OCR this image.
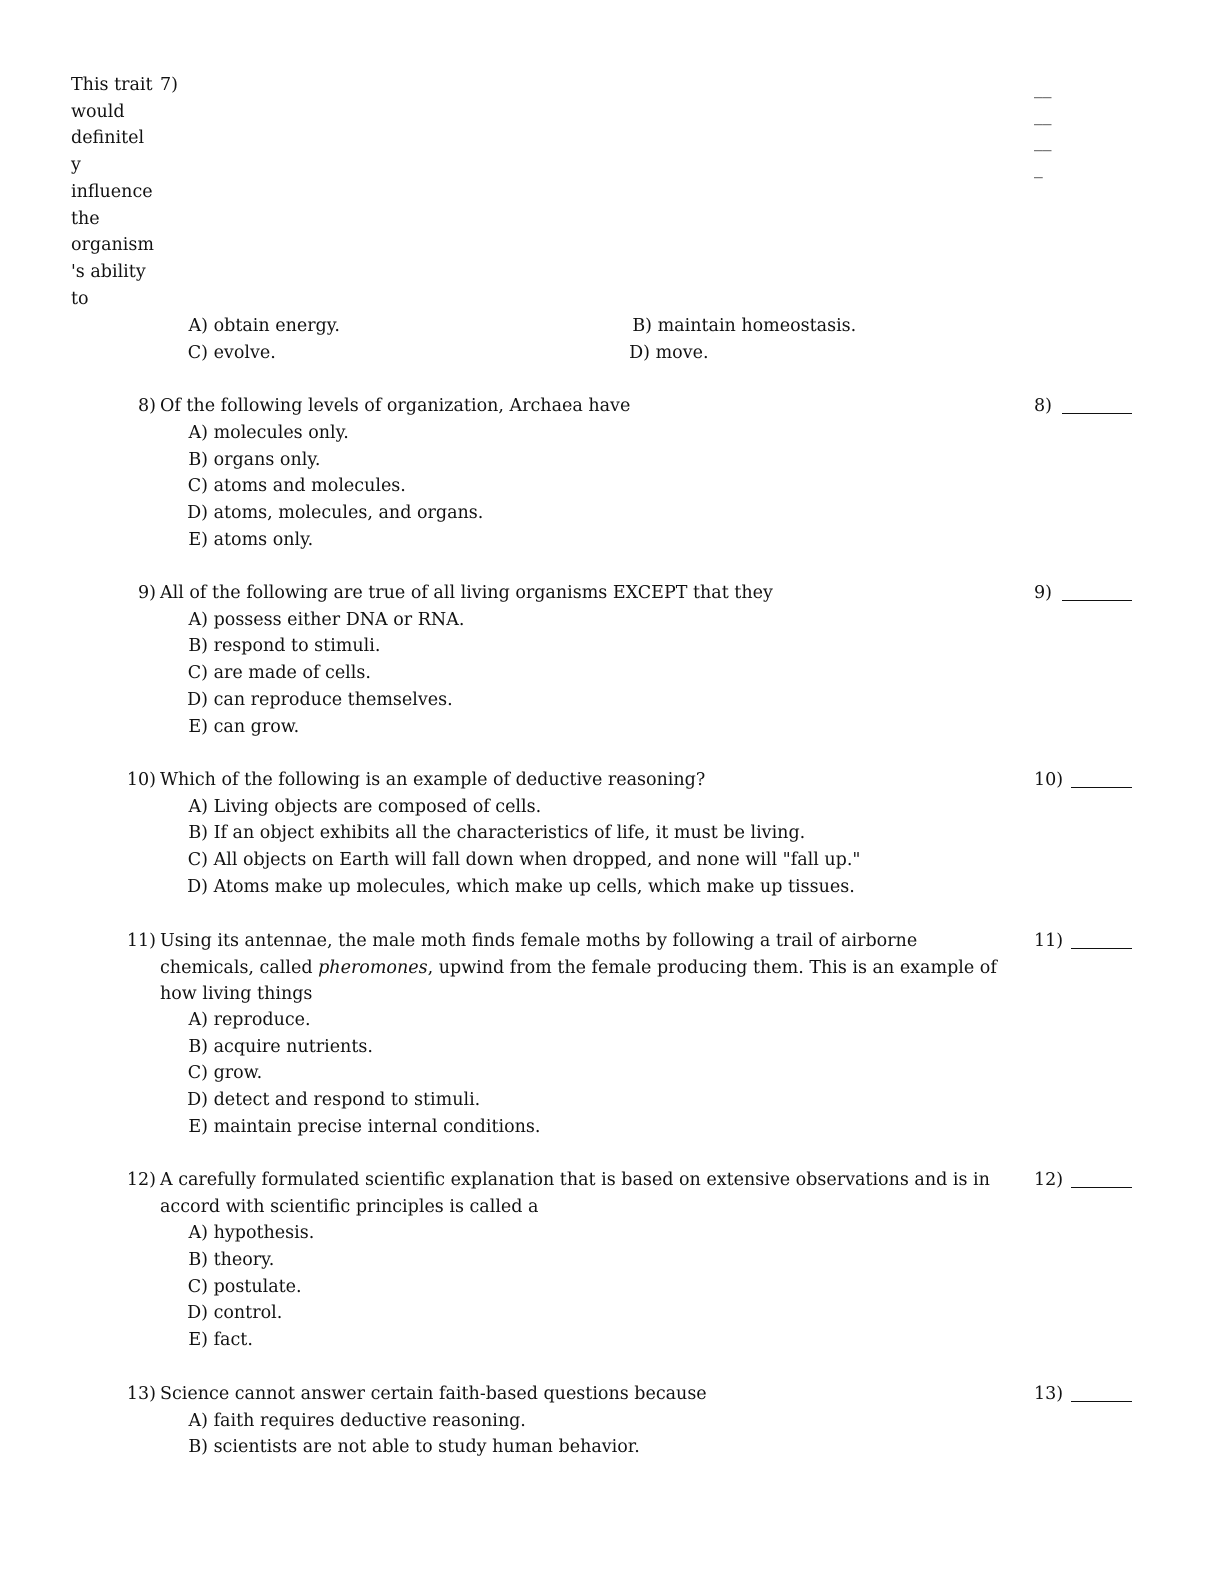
This trait
would
definitel
y
influence
the
organism
's ability
to
7)	__
__
__
_
A) obtain energy.	B) maintain homeostasis.
C) evolve.	D) move.
8) Of the following levels of organization, Archaea have	8)
A) molecules only.
B) organs only.
C) atoms and molecules.
D) atoms, molecules, and organs.
E) atoms only.
9) All of the following are true of all living organisms EXCEPT that they	9)
A) possess either DNA or RNA.
B) respond to stimuli.
C) are made of cells.
D) can reproduce themselves.
E) can grow.
10) Which of the following is an example of deductive reasoning?	10)
A) Living objects are composed of cells.
B) If an object exhibits all the characteristics of life, it must be living.
C) All objects on Earth will fall down when dropped, and none will "fall up."
D) Atoms make up molecules, which make up cells, which make up tissues.
11) Using its antennae, the male moth finds female moths by following a trail of airborne chemicals, called pheromones, upwind from the female producing them. This is an example of how living things
11)
A) reproduce.
B) acquire nutrients.
C) grow.
D) detect and respond to stimuli.
E) maintain precise internal conditions.
12) A carefully formulated scientific explanation that is based on extensive observations and is in accord with scientific principles is called a
12)
A) hypothesis.
B) theory.
C) postulate.
D) control.
E) fact.
13) Science cannot answer certain faith-based questions because	13)
A) faith requires deductive reasoning.
B) scientists are not able to study human behavior.
